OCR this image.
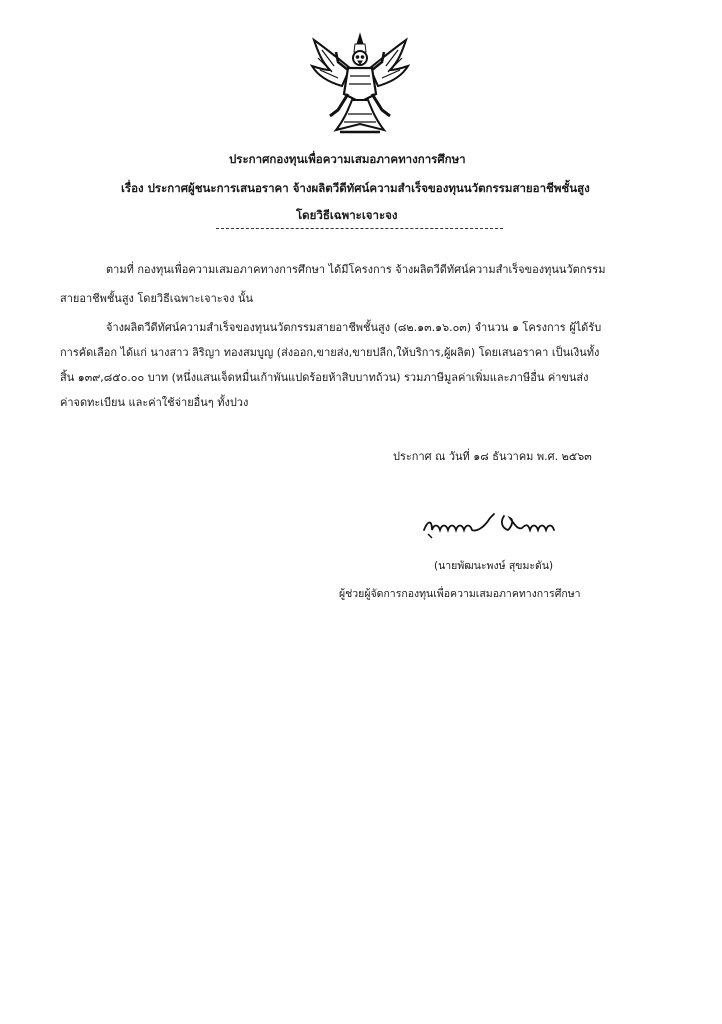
ประกาศกองทุนเพื่อความเสมอภาคทางการศึกษา
เรื่อง ประกาศผู้ชนะการเสนอราคา จ้างผลิตวีดีทัศน์ความสำเร็จของทุนนวัตกรรมสายอาชีพชั้นสูง
โดยวิธีเฉพาะเจาะจง
ตามที่ กองทุนเพื่อความเสมอภาคทางการศึกษา ได้มีโครงการ จ้างผลิตวีดีทัศน์ความสำเร็จของทุนนวัตกรรม
สายอาชีพชั้นสูง โดยวิธีเฉพาะเจาะจง นั้น
จ้างผลิตวีดีทัศน์ความสำเร็จของทุนนวัตกรรมสายอาชีพชั้นสูง (๘๒.๑๓.๑๖.๐๓) จำนวน ๑ โครงการ ผู้ได้รับ
การคัดเลือก ได้แก่ นางสาว ลิริญา ทองสมบูญ (ส่งออก,ขายส่ง,ขายปลีก,ให้บริการ,ผู้ผลิต) โดยเสนอราคา เป็นเงินทั้ง
สิ้น ๑๓๙,๘๕๐.๐๐ บาท (หนึ่งแสนเจ็ดหมื่นเก้าพันแปดร้อยห้าสิบบาทถ้วน) รวมภาษีมูลค่าเพิ่มและภาษีอื่น ค่าขนส่ง
ค่าจดทะเบียน และค่าใช้จ่ายอื่นๆ ทั้งปวง
ประกาศ ณ วันที่ ๑๘ ธันวาคม พ.ศ. ๒๕๖๓
(นายพัฒนะพงษ์ สุขมะดัน)
ผู้ช่วยผู้จัดการกองทุนเพื่อความเสมอภาคทางการศึกษา
